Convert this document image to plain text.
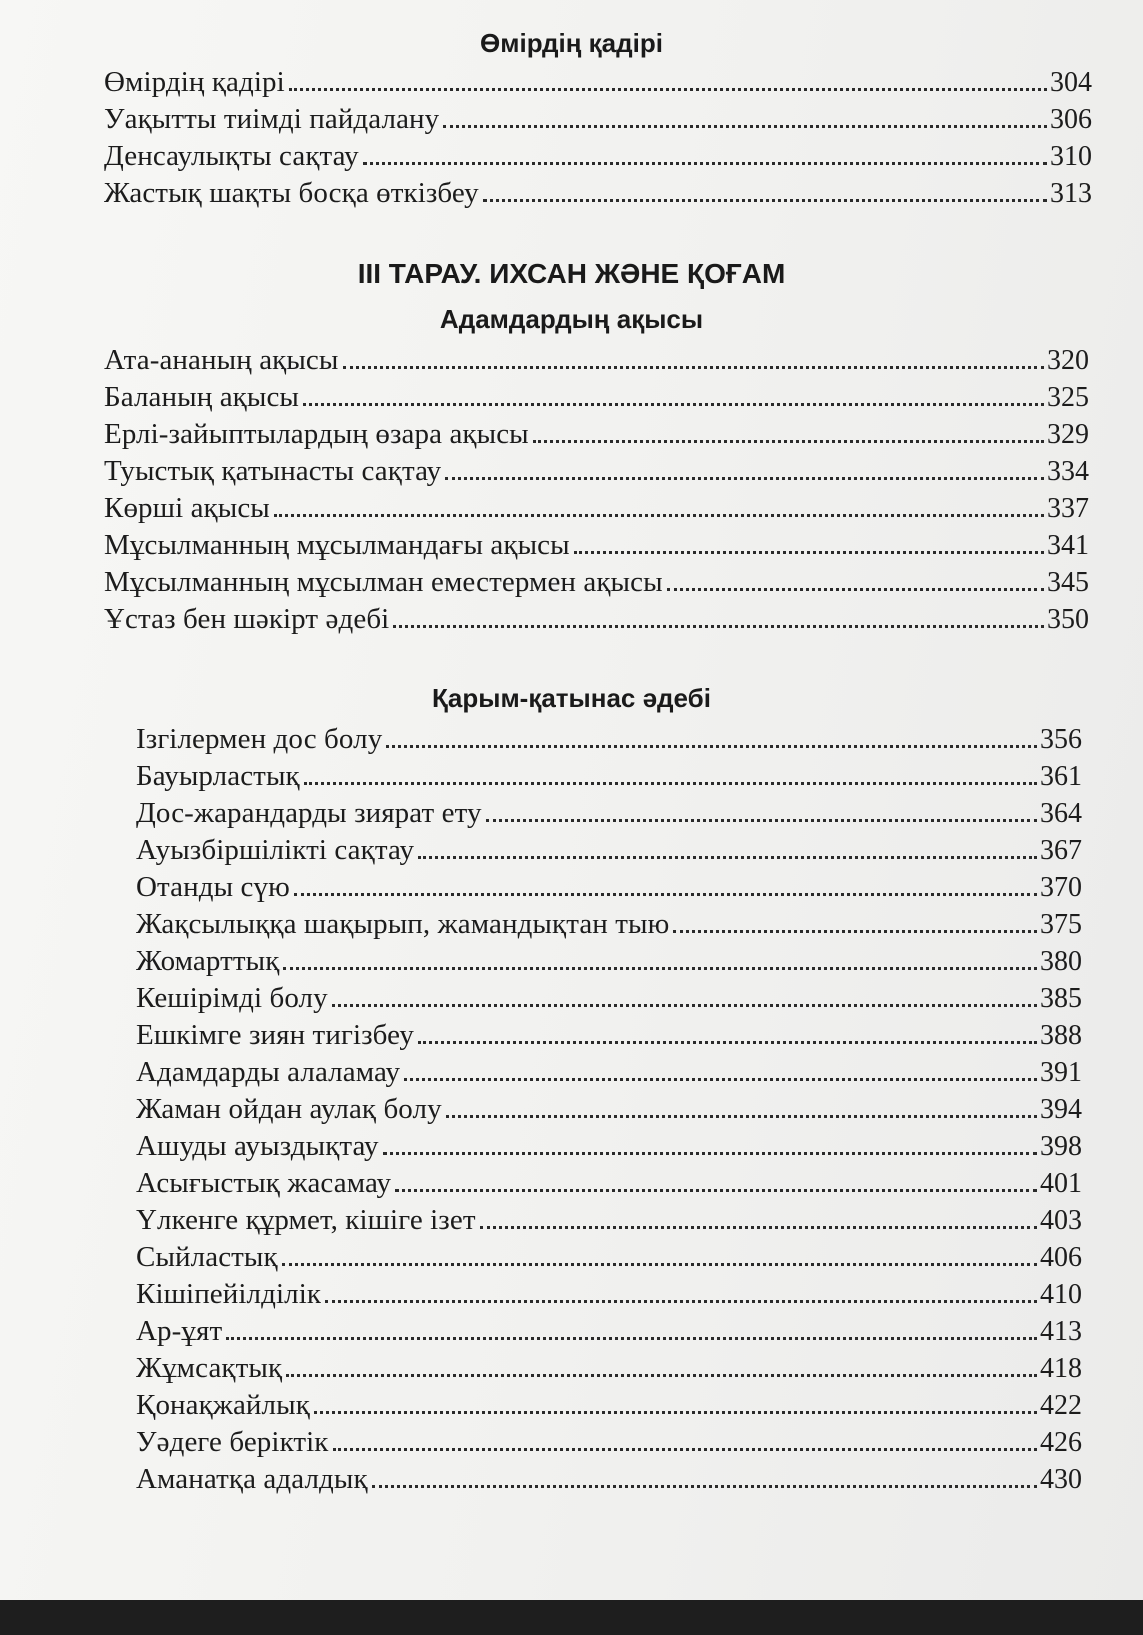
Өмірдің қадірі
Өмірдің қадірі	304
Уақытты тиімді пайдалану	306
Денсаулықты сақтау	310
Жастық шақты босқа өткізбеу	313
ІІІ ТАРАУ. ИХСАН ЖӘНЕ ҚОҒАМ
Адамдардың ақысы
Ата-ананың ақысы	320
Баланың ақысы	325
Ерлі-зайыптылардың өзара ақысы	329
Туыстық қатынасты сақтау	334
Көрші ақысы	337
Мұсылманның мұсылмандағы ақысы	341
Мұсылманның мұсылман еместермен ақысы	345
Ұстаз бен шәкірт әдебі	350
Қарым-қатынас әдебі
Ізгілермен дос болу	356
Бауырластық	361
Дос-жарандарды зиярат ету	364
Ауызбіршілікті сақтау	367
Отанды сүю	370
Жақсылыққа шақырып, жамандықтан тыю	375
Жомарттық	380
Кешірімді болу	385
Ешкімге зиян тигізбеу	388
Адамдарды алаламау	391
Жаман ойдан аулақ болу	394
Ашуды ауыздықтау	398
Асығыстық жасамау	401
Үлкенге құрмет, кішіге ізет	403
Сыйластық	406
Кішіпейілділік	410
Ар-ұят	413
Жұмсақтық	418
Қонақжайлық	422
Уәдеге беріктік	426
Аманатқа адалдық	430
